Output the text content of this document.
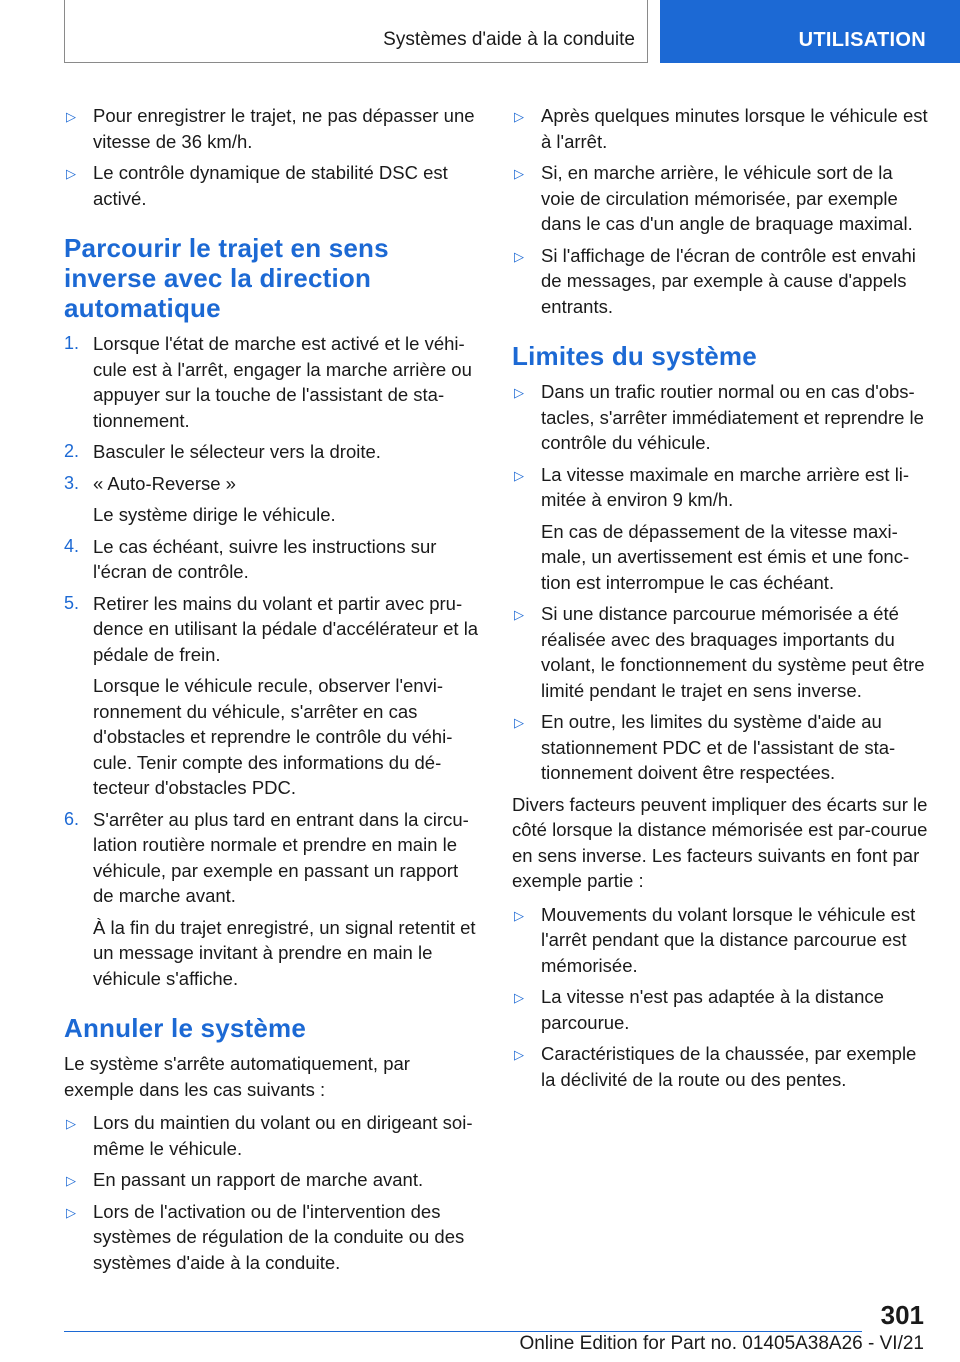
Systèmes d'aide à la conduite	UTILISATION
▷ Pour enregistrer le trajet, ne pas dépasser une vitesse de 36 km/h.

▷ Le contrôle dynamique de stabilité DSC est activé.

Parcourir le trajet en sens inverse avec la direction automatique
1. Lorsque l'état de marche est activé et le véhi‐cule est à l'arrêt, engager la marche arrière ou appuyer sur la touche de l'assistant de sta‐tionnement.

2. Basculer le sélecteur vers la droite.

3. « Auto-Reverse »

Le système dirige le véhicule.

4. Le cas échéant, suivre les instructions sur l'écran de contrôle.

5. Retirer les mains du volant et partir avec pru‐dence en utilisant la pédale d'accélérateur et la pédale de frein.

Lorsque le véhicule recule, observer l'envi‐ronnement du véhicule, s'arrêter en cas d'obstacles et reprendre le contrôle du véhi‐cule. Tenir compte des informations du dé‐tecteur d'obstacles PDC.

6. S'arrêter au plus tard en entrant dans la circu‐lation routière normale et prendre en main le véhicule, par exemple en passant un rapport de marche avant.

À la fin du trajet enregistré, un signal retentit et un message invitant à prendre en main le véhicule s'affiche.

Annuler le système

Le système s'arrête automatiquement, par exemple dans les cas suivants :

▷ Lors du maintien du volant ou en dirigeant soi-même le véhicule.

▷ En passant un rapport de marche avant.

▷ Lors de l'activation ou de l'intervention des systèmes de régulation de la conduite ou des systèmes d'aide à la conduite.

▷ Après quelques minutes lorsque le véhicule est à l'arrêt.

▷ Si, en marche arrière, le véhicule sort de la voie de circulation mémorisée, par exemple dans le cas d'un angle de braquage maximal.

▷ Si l'affichage de l'écran de contrôle est envahi de messages, par exemple à cause d'appels entrants.

Limites du système
▷ Dans un trafic routier normal ou en cas d'obs‐tacles, s'arrêter immédiatement et reprendre le contrôle du véhicule.

▷ La vitesse maximale en marche arrière est li‐mitée à environ 9 km/h.

En cas de dépassement de la vitesse maxi‐male, un avertissement est émis et une fonc‐tion est interrompue le cas échéant.

▷ Si une distance parcourue mémorisée a été réalisée avec des braquages importants du volant, le fonctionnement du système peut être limité pendant le trajet en sens inverse.

▷ En outre, les limites du système d'aide au stationnement PDC et de l'assistant de sta‐tionnement doivent être respectées.

Divers facteurs peuvent impliquer des écarts sur le côté lorsque la distance mémorisée est par‐courue en sens inverse. Les facteurs suivants en font par exemple partie :

▷ Mouvements du volant lorsque le véhicule est l'arrêt pendant que la distance parcourue est mémorisée.

▷ La vitesse n'est pas adaptée à la distance parcourue.

▷ Caractéristiques de la chaussée, par exemple la déclivité de la route ou des pentes.

301
Online Edition for Part no. 01405A38A26 - VI/21
